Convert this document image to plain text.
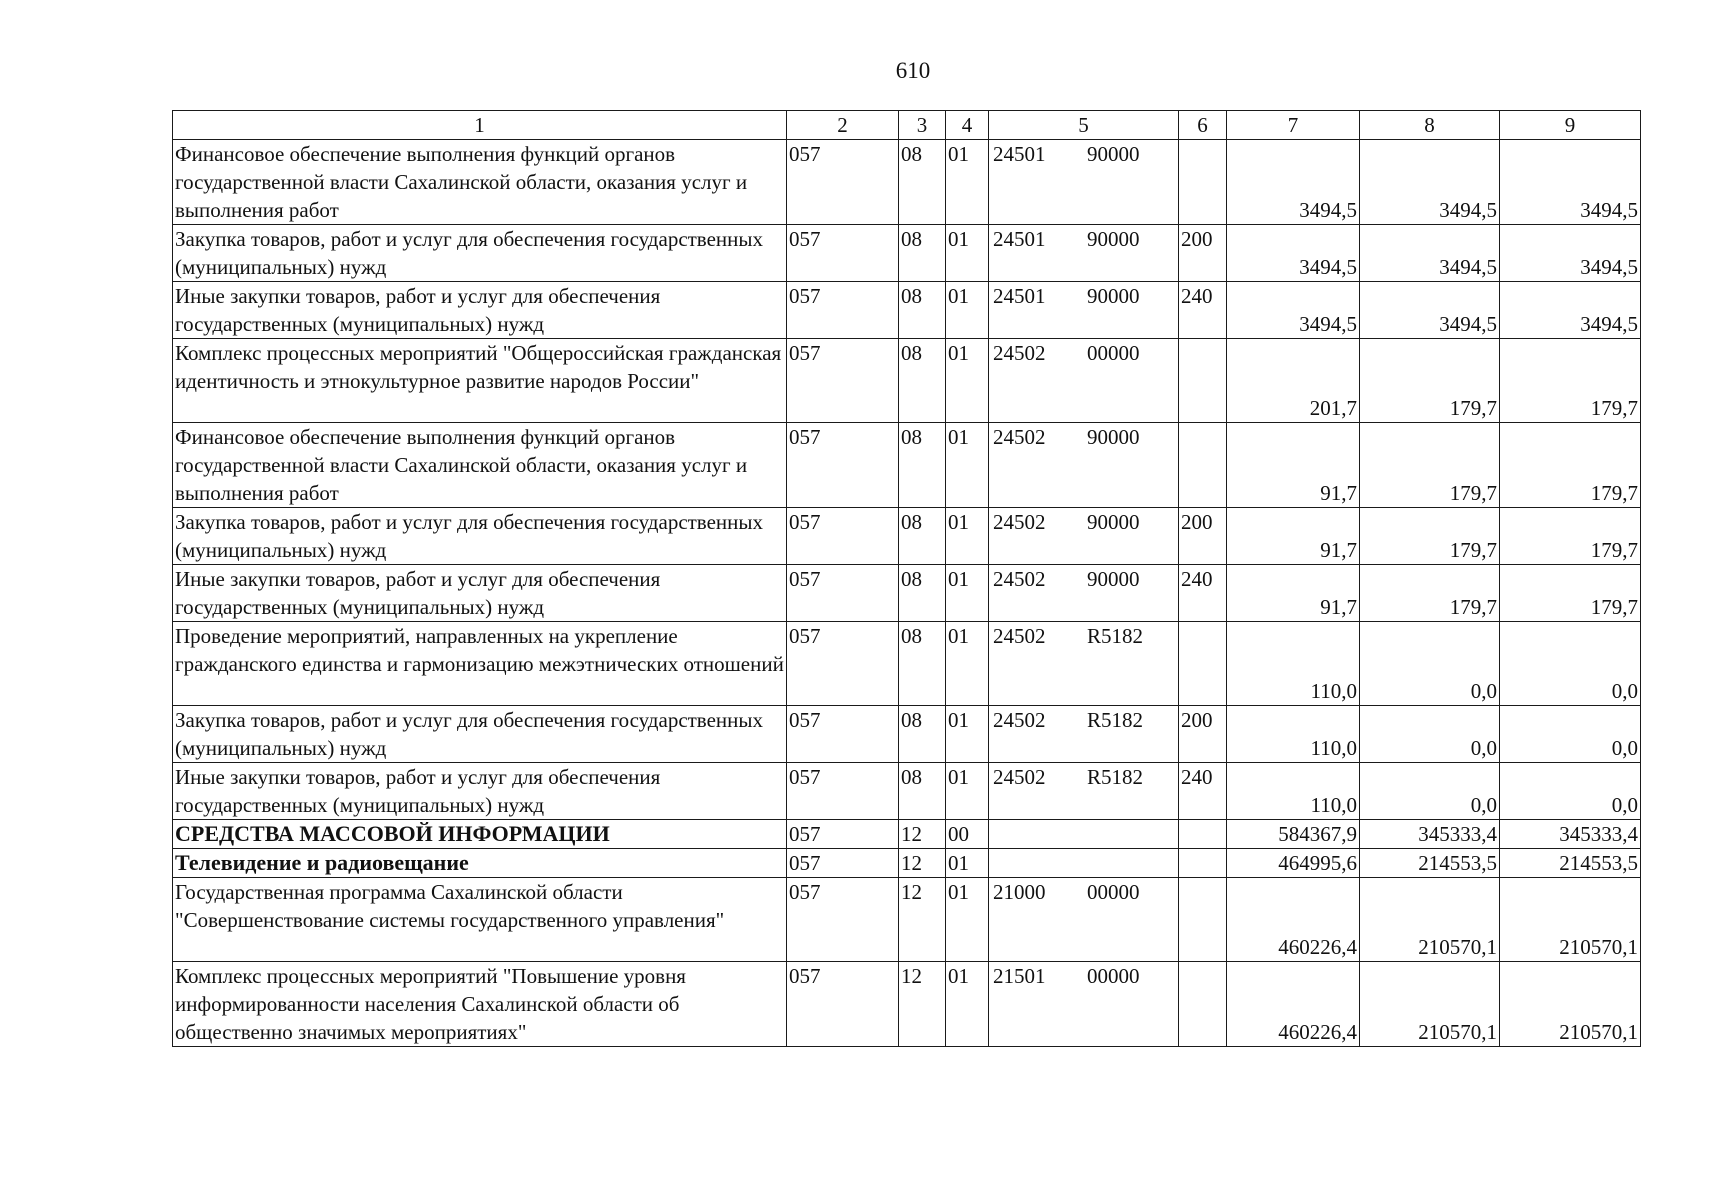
610
1	2	3	4	5	6	7	8	9
Финансовое обеспечение выполнения функций органов государственной власти Сахалинской области, оказания услуг и выполнения работ	057	08	01	24501 90000		3494,5	3494,5	3494,5
Закупка товаров, работ и услуг для обеспечения государственных (муниципальных) нужд	057	08	01	24501 90000	200	3494,5	3494,5	3494,5
Иные закупки товаров, работ и услуг для обеспечения государственных (муниципальных) нужд	057	08	01	24501 90000	240	3494,5	3494,5	3494,5
Комплекс процессных мероприятий "Общероссийская гражданская идентичность и этнокультурное развитие народов России"	057	08	01	24502 00000		201,7	179,7	179,7
Финансовое обеспечение выполнения функций органов государственной власти Сахалинской области, оказания услуг и выполнения работ	057	08	01	24502 90000		91,7	179,7	179,7
Закупка товаров, работ и услуг для обеспечения государственных (муниципальных) нужд	057	08	01	24502 90000	200	91,7	179,7	179,7
Иные закупки товаров, работ и услуг для обеспечения государственных (муниципальных) нужд	057	08	01	24502 90000	240	91,7	179,7	179,7
Проведение мероприятий, направленных на укрепление гражданского единства и гармонизацию межэтнических отношений	057	08	01	24502 R5182		110,0	0,0	0,0
Закупка товаров, работ и услуг для обеспечения государственных (муниципальных) нужд	057	08	01	24502 R5182	200	110,0	0,0	0,0
Иные закупки товаров, работ и услуг для обеспечения государственных (муниципальных) нужд	057	08	01	24502 R5182	240	110,0	0,0	0,0
СРЕДСТВА МАССОВОЙ ИНФОРМАЦИИ	057	12	00			584367,9	345333,4	345333,4
Телевидение и радиовещание	057	12	01			464995,6	214553,5	214553,5
Государственная программа Сахалинской области "Совершенствование системы государственного управления"	057	12	01	21000 00000		460226,4	210570,1	210570,1
Комплекс процессных мероприятий "Повышение уровня информированности населения Сахалинской области об общественно значимых мероприятиях"	057	12	01	21501 00000		460226,4	210570,1	210570,1
